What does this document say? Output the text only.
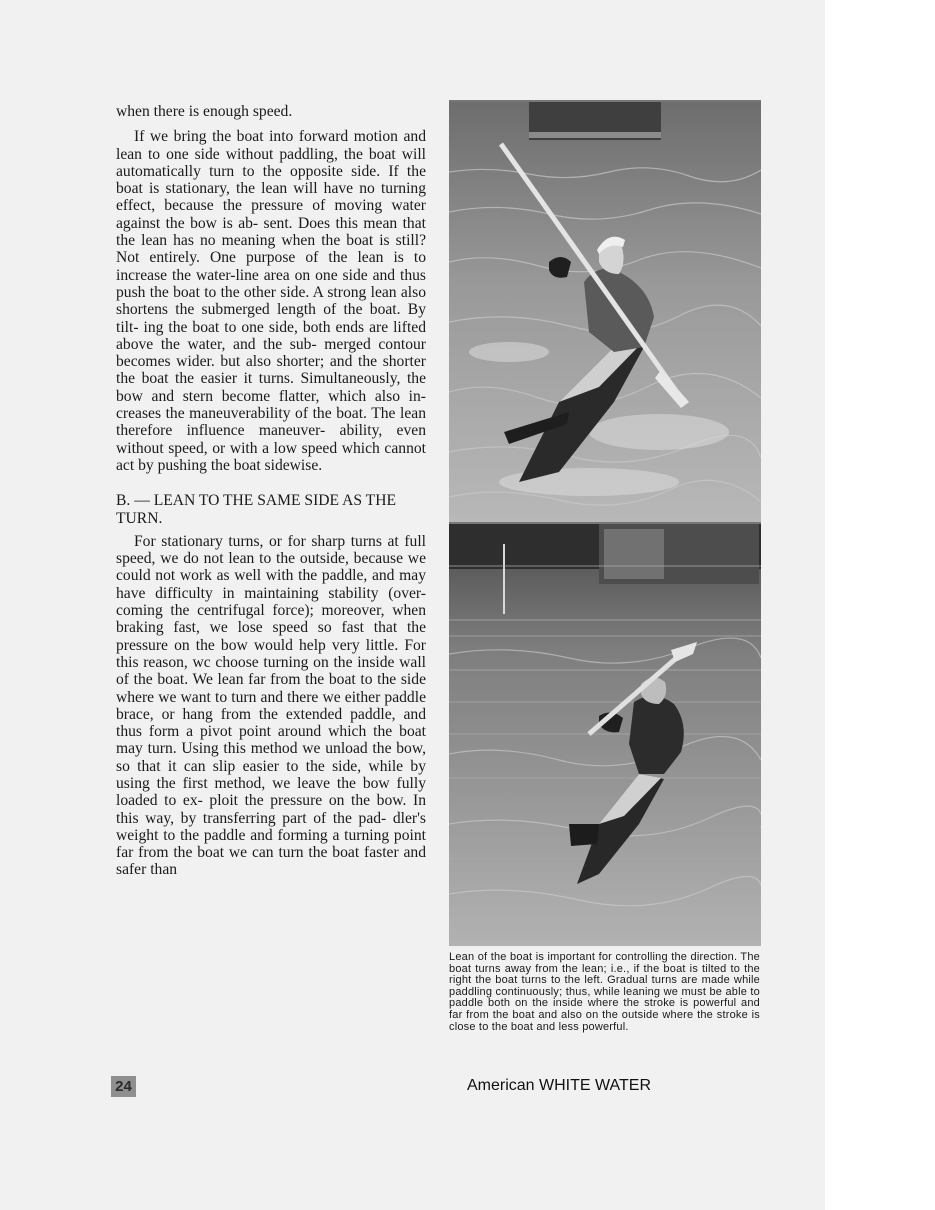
when there is enough speed.

If we bring the boat into forward motion and lean to one side without paddling, the boat will automatically turn to the opposite side. If the boat is stationary, the lean will have no turning effect, because the pressure of moving water against the bow is ab- sent. Does this mean that the lean has no meaning when the boat is still? Not entirely. One purpose of the lean is to increase the water-line area on one side and thus push the boat to the other side. A strong lean also shortens the submerged length of the boat. By tilt- ing the boat to one side, both ends are lifted above the water, and the sub- merged contour becomes wider. but also shorter; and the shorter the boat the easier it turns. Simultaneously, the bow and stern become flatter, which also in- creases the maneuverability of the boat. The lean therefore influence maneuver- ability, even without speed, or with a low speed which cannot act by pushing the boat sidewise.

B. — LEAN TO THE SAME SIDE AS THE TURN.

For stationary turns, or for sharp turns at full speed, we do not lean to the outside, because we could not work as well with the paddle, and may have difficulty in maintaining stability (over- coming the centrifugal force); moreover, when braking fast, we lose speed so fast that the pressure on the bow would help very little. For this reason, wc choose turning on the inside wall of the boat. We lean far from the boat to the side where we want to turn and there we either paddle brace, or hang from the extended paddle, and thus form a pivot point around which the boat may turn. Using this method we unload the bow, so that it can slip easier to the side, while by using the first method, we leave the bow fully loaded to ex- ploit the pressure on the bow. In this way, by transferring part of the pad- dler's weight to the paddle and forming a turning point far from the boat we can turn the boat faster and safer than

Lean of the boat is important for controlling the direction. The boat turns away from the lean; i.e., if the boat is tilted to the right the boat turns to the left. Gradual turns are made while paddling continuously; thus, while leaning we must be able to paddle both on the inside where the stroke is powerful and far from the boat and also on the outside where the stroke is close to the boat and less powerful.
24	American WHITE WATER
